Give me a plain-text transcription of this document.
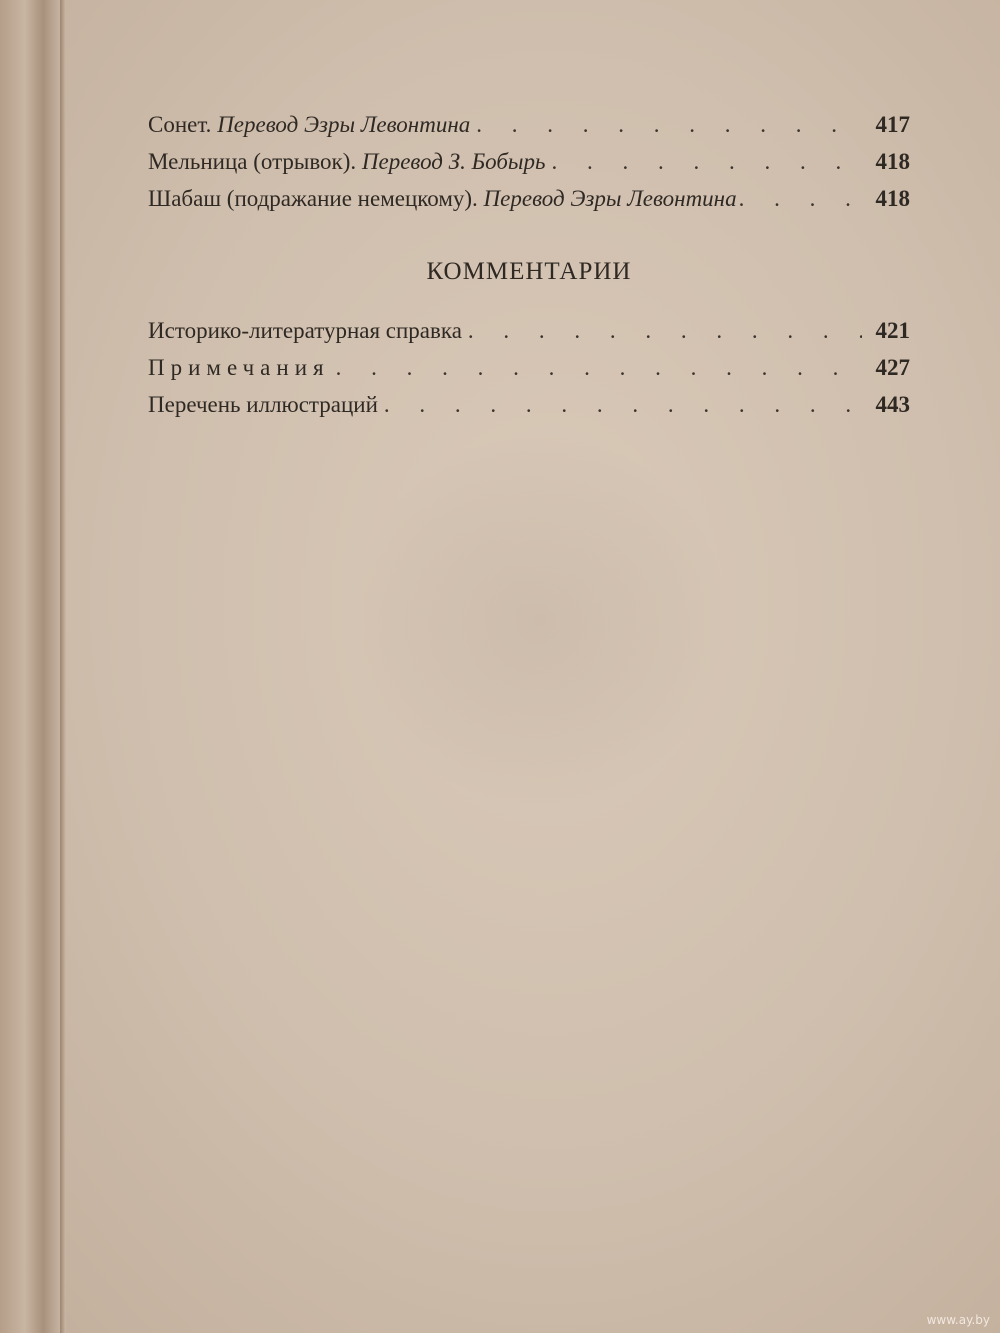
Сонет. Перевод Эзры Левонтина . . .	417
Мельница (отрывок). Перевод З. Бобырь . . .	418
Шабаш (подражание немецкому). Перевод Эзры Левонтина . . .	418
КОММЕНТАРИИ
Историко-литературная справка . . .	421
Примечания . . .	427
Перечень иллюстраций . . .	443
www.ay.by
